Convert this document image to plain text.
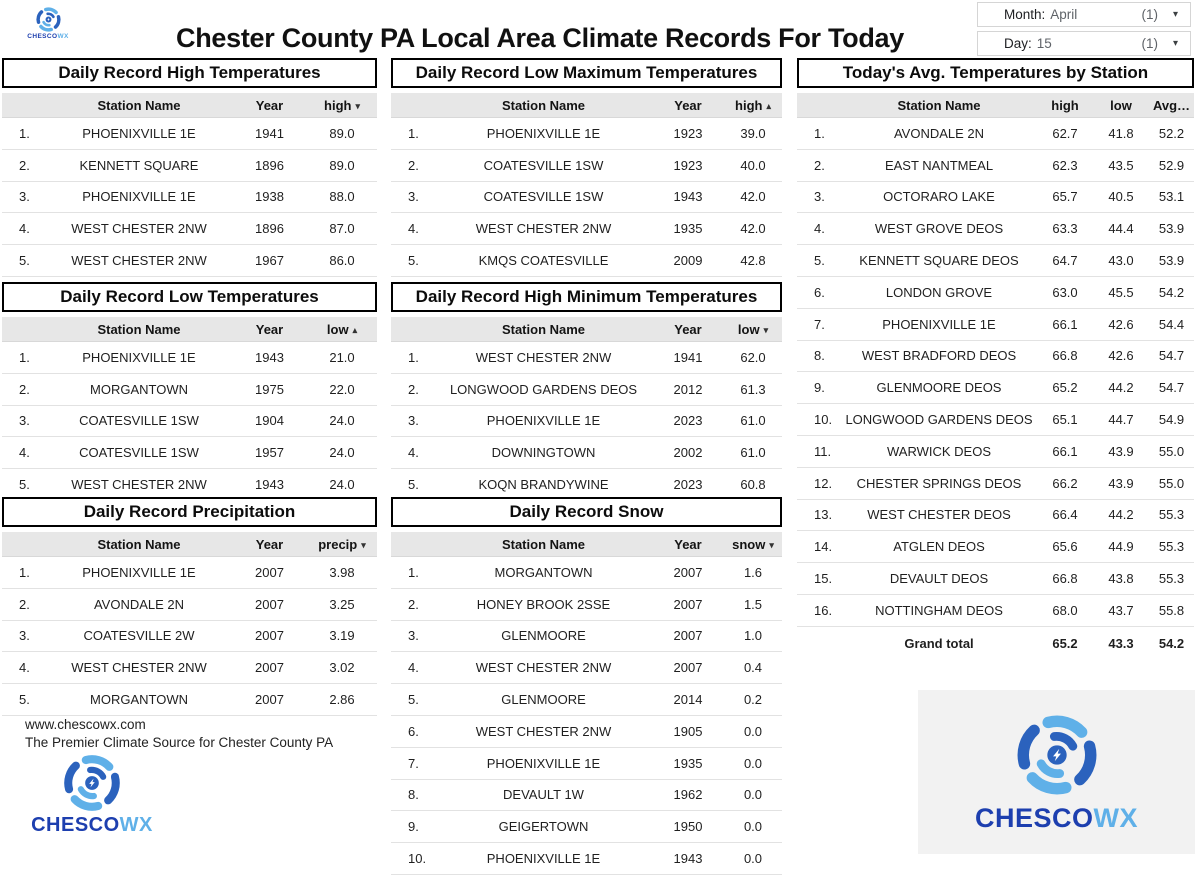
CHESCOWX	Chester County PA Local Area Climate Records For Today
Month: April	(1) ▾
Day: 15	(1) ▾
Daily Record High Temperatures
Station Name	Year	high ▾
1.	PHOENIXVILLE 1E	1941	89.0
2.	KENNETT SQUARE	1896	89.0
3.	PHOENIXVILLE 1E	1938	88.0
4.	WEST CHESTER 2NW	1896	87.0
5.	WEST CHESTER 2NW	1967	86.0
Daily Record Low Temperatures
Station Name	Year	low ▴
1.	PHOENIXVILLE 1E	1943	21.0
2.	MORGANTOWN	1975	22.0
3.	COATESVILLE 1SW	1904	24.0
4.	COATESVILLE 1SW	1957	24.0
5.	WEST CHESTER 2NW	1943	24.0
Daily Record Precipitation
Station Name	Year	precip ▾
1.	PHOENIXVILLE 1E	2007	3.98
2.	AVONDALE 2N	2007	3.25
3.	COATESVILLE 2W	2007	3.19
4.	WEST CHESTER 2NW	2007	3.02
5.	MORGANTOWN	2007	2.86
www.chescowx.com
The Premier Climate Source for Chester County PA
CHESCOWX
Daily Record Low Maximum Temperatures
Station Name	Year	high ▴
1.	PHOENIXVILLE 1E	1923	39.0
2.	COATESVILLE 1SW	1923	40.0
3.	COATESVILLE 1SW	1943	42.0
4.	WEST CHESTER 2NW	1935	42.0
5.	KMQS COATESVILLE	2009	42.8
Daily Record High Minimum Temperatures
Station Name	Year	low ▾
1.	WEST CHESTER 2NW	1941	62.0
2.	LONGWOOD GARDENS DEOS	2012	61.3
3.	PHOENIXVILLE 1E	2023	61.0
4.	DOWNINGTOWN	2002	61.0
5.	KOQN BRANDYWINE	2023	60.8
Daily Record Snow
Station Name	Year	snow ▾
1.	MORGANTOWN	2007	1.6
2.	HONEY BROOK 2SSE	2007	1.5
3.	GLENMOORE	2007	1.0
4.	WEST CHESTER 2NW	2007	0.4
5.	GLENMOORE	2014	0.2
6.	WEST CHESTER 2NW	1905	0.0
7.	PHOENIXVILLE 1E	1935	0.0
8.	DEVAULT 1W	1962	0.0
9.	GEIGERTOWN	1950	0.0
10.	PHOENIXVILLE 1E	1943	0.0
Today's Avg. Temperatures by Station
Station Name	high	low	Avg…
1.	AVONDALE 2N	62.7	41.8	52.2
2.	EAST NANTMEAL	62.3	43.5	52.9
3.	OCTORARO LAKE	65.7	40.5	53.1
4.	WEST GROVE DEOS	63.3	44.4	53.9
5.	KENNETT SQUARE DEOS	64.7	43.0	53.9
6.	LONDON GROVE	63.0	45.5	54.2
7.	PHOENIXVILLE 1E	66.1	42.6	54.4
8.	WEST BRADFORD DEOS	66.8	42.6	54.7
9.	GLENMOORE DEOS	65.2	44.2	54.7
10.	LONGWOOD GARDENS DEOS	65.1	44.7	54.9
11.	WARWICK DEOS	66.1	43.9	55.0
12.	CHESTER SPRINGS DEOS	66.2	43.9	55.0
13.	WEST CHESTER DEOS	66.4	44.2	55.3
14.	ATGLEN DEOS	65.6	44.9	55.3
15.	DEVAULT DEOS	66.8	43.8	55.3
16.	NOTTINGHAM DEOS	68.0	43.7	55.8
Grand total	65.2	43.3	54.2
CHESCOWX
